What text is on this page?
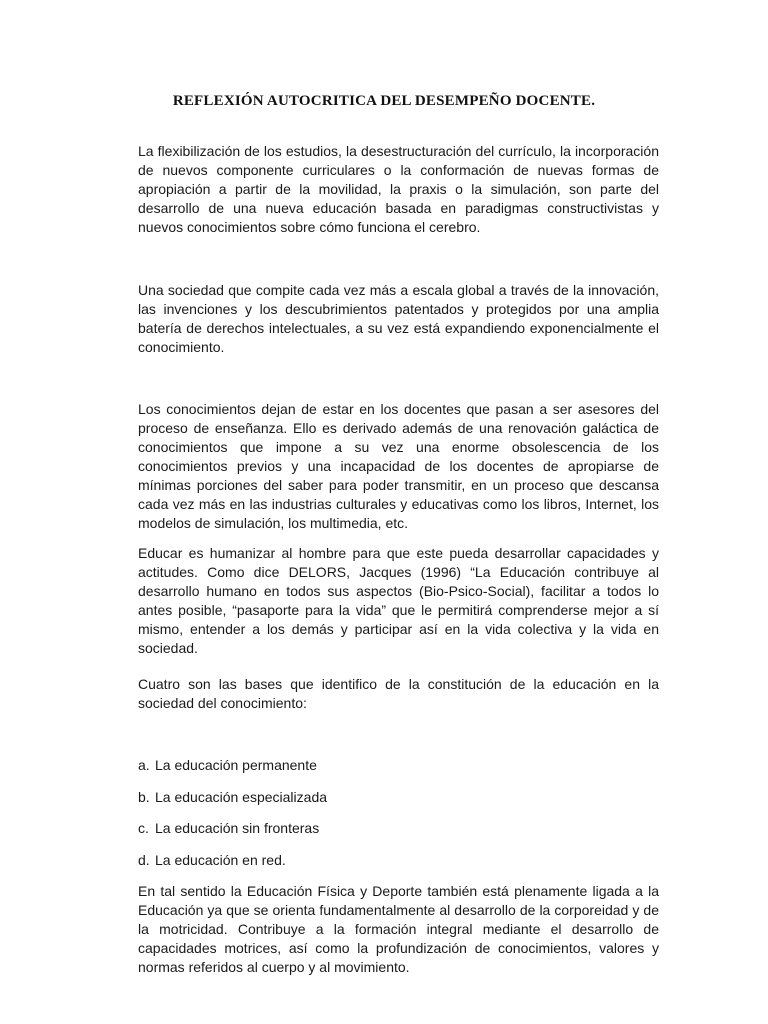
REFLEXIÓN AUTOCRITICA DEL DESEMPEÑO DOCENTE.

La flexibilización de los estudios, la desestructuración del currículo, la incorporación de nuevos componente curriculares o la conformación de nuevas formas de apropiación a partir de la movilidad, la praxis o la simulación, son parte del desarrollo de una nueva educación basada en paradigmas constructivistas y nuevos conocimientos sobre cómo funciona el cerebro.

Una sociedad que compite cada vez más a escala global a través de la innovación, las invenciones y los descubrimientos patentados y protegidos por una amplia batería de derechos intelectuales, a su vez está expandiendo exponencialmente el conocimiento.

Los conocimientos dejan de estar en los docentes que pasan a ser asesores del proceso de enseñanza. Ello es derivado además de una renovación galáctica de conocimientos que impone a su vez una enorme obsolescencia de los conocimientos previos y una incapacidad de los docentes de apropiarse de mínimas porciones del saber para poder transmitir, en un proceso que descansa cada vez más en las industrias culturales y educativas como los libros, Internet, los modelos de simulación, los multimedia, etc.

Educar es humanizar al hombre para que este pueda desarrollar capacidades y actitudes. Como dice DELORS, Jacques (1996) “La Educación contribuye al desarrollo humano en todos sus aspectos (Bio-Psico-Social), facilitar a todos lo antes posible, “pasaporte para la vida” que le permitirá comprenderse mejor a sí mismo, entender a los demás y participar así en la vida colectiva y la vida en sociedad.

Cuatro son las bases que identifico de la constitución de la educación en la sociedad del conocimiento:

a. La educación permanente
b. La educación especializada
c. La educación sin fronteras
d. La educación en red.

En tal sentido la Educación Física y Deporte también está plenamente ligada a la Educación ya que se orienta fundamentalmente al desarrollo de la corporeidad y de la motricidad. Contribuye a la formación integral mediante el desarrollo de capacidades motrices, así como la profundización de conocimientos, valores y normas referidos al cuerpo y al movimiento.
